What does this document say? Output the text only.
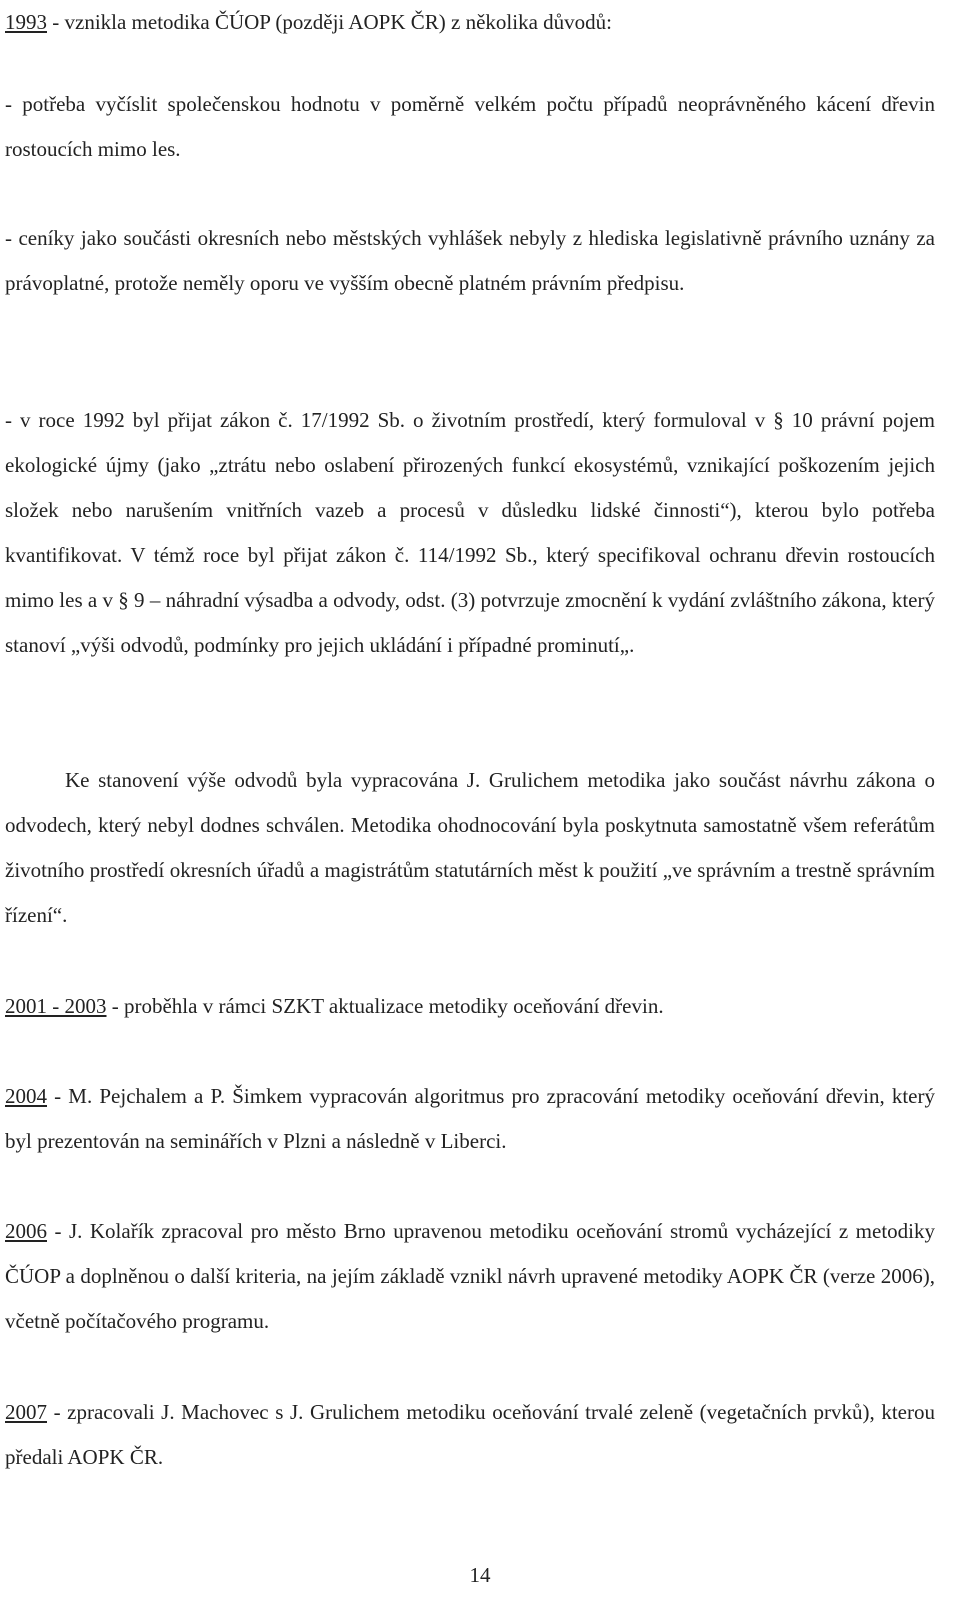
1993 - vznikla metodika ČÚOP (později AOPK ČR) z několika důvodů:

- potřeba vyčíslit společenskou hodnotu v poměrně velkém počtu případů neoprávněného kácení dřevin rostoucích mimo les.

- ceníky jako součásti okresních nebo městských vyhlášek nebyly z hlediska legislativně právního uznány za právoplatné, protože neměly oporu ve vyšším obecně platném právním předpisu.

- v roce 1992 byl přijat zákon č. 17/1992 Sb. o životním prostředí, který formuloval v § 10 právní pojem ekologické újmy (jako „ztrátu nebo oslabení přirozených funkcí ekosystémů, vznikající poškozením jejich složek nebo narušením vnitřních vazeb a procesů v důsledku lidské činnosti“), kterou bylo potřeba kvantifikovat. V témž roce byl přijat zákon č. 114/1992 Sb., který specifikoval ochranu dřevin rostoucích mimo les a v § 9 – náhradní výsadba a odvody, odst. (3) potvrzuje zmocnění k vydání zvláštního zákona, který stanoví „výši odvodů, podmínky pro jejich ukládání i případné prominutí„.

Ke stanovení výše odvodů byla vypracována J. Grulichem metodika jako součást návrhu zákona o odvodech, který nebyl dodnes schválen. Metodika ohodnocování byla poskytnuta samostatně všem referátům životního prostředí okresních úřadů a magistrátům statutárních měst k použití „ve správním a trestně správním řízení“.

2001 - 2003 - proběhla v rámci SZKT aktualizace metodiky oceňování dřevin.

2004 - M. Pejchalem a P. Šimkem vypracován algoritmus pro zpracování metodiky oceňování dřevin, který byl prezentován na seminářích v Plzni a následně v Liberci.

2006 - J. Kolařík zpracoval pro město Brno upravenou metodiku oceňování stromů vycházející z metodiky ČÚOP a doplněnou o další kriteria, na jejím základě vznikl návrh upravené metodiky AOPK ČR (verze 2006), včetně počítačového programu.

2007 - zpracovali J. Machovec s J. Grulichem metodiku oceňování trvalé zeleně (vegetačních prvků), kterou předali AOPK ČR.

14
